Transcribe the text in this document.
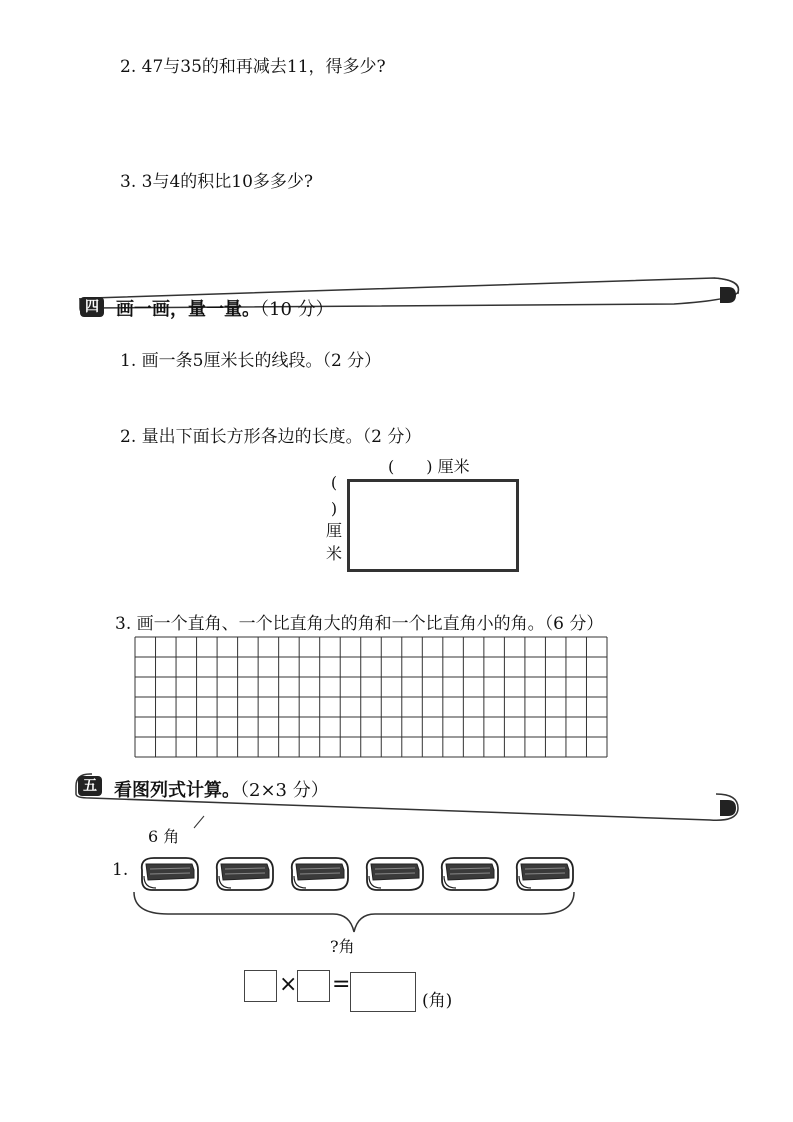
2. 47与35的和再减去11，得多少?
3. 3与4的积比10多多少?
四 画一画，量一量。（10 分）
1. 画一条5厘米长的线段。（2 分）
2. 量出下面长方形各边的长度。（2 分）
(　　) 厘米
(
)
厘
米
3. 画一个直角、一个比直角大的角和一个比直角小的角。（6 分）
五 看图列式计算。（2×3 分）
6 角
1.
?角
× =
(角)
